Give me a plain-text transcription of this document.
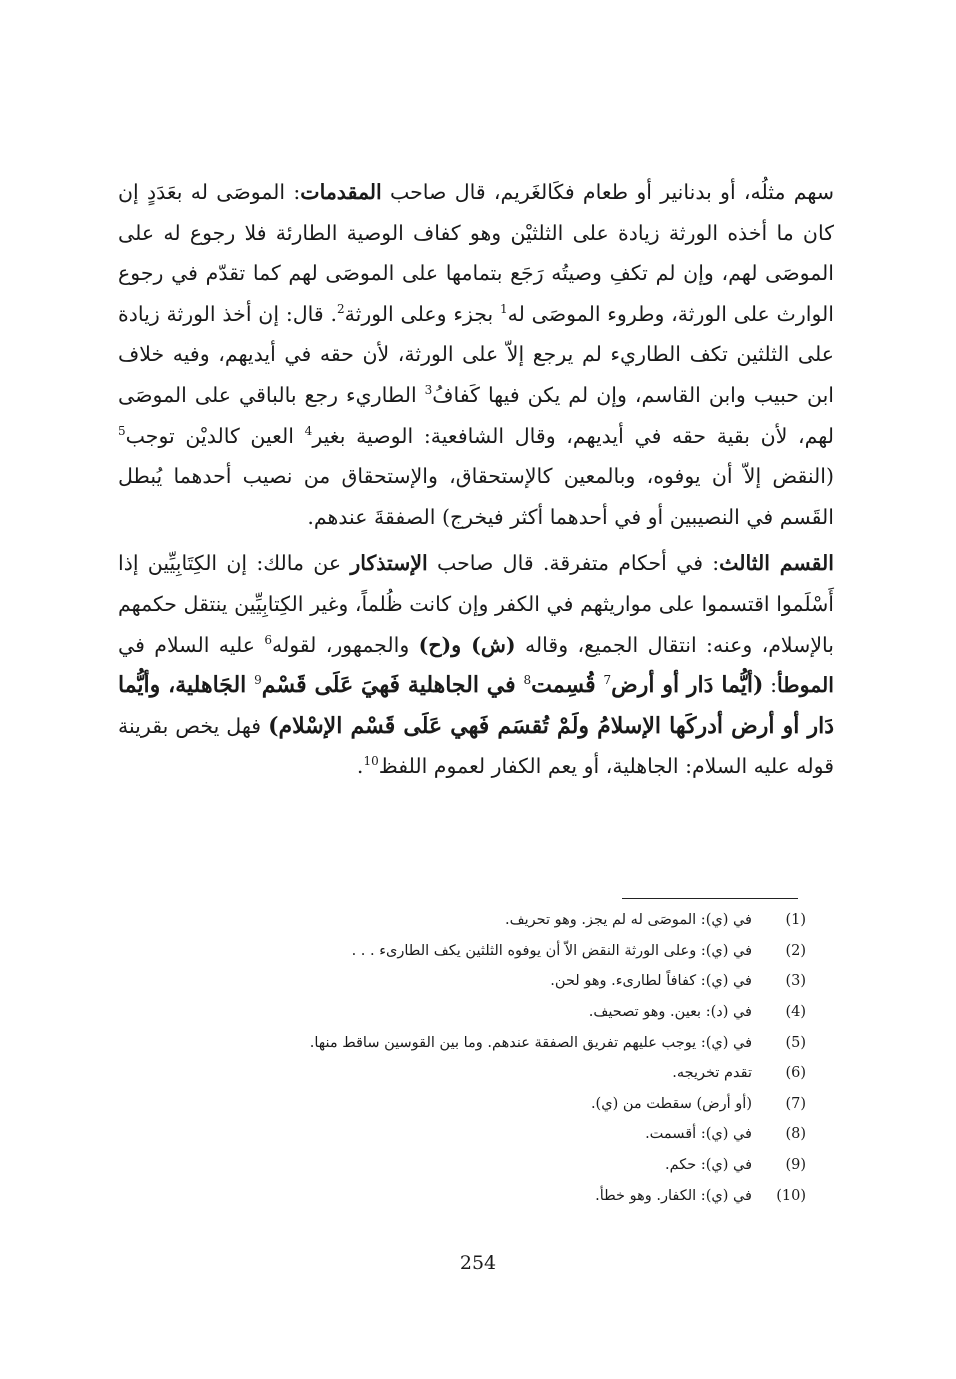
سهم مثلُه، أو بدنانير أو طعام فكَالغَريم، قال صاحب المقدمات: الموصَى له بعَدَدٍ إن كان ما أخذه الورثة زيادة على الثلثيْن وهو كفاف الوصية الطارئة فلا رجوع له على الموصَى لهم، وإن لم تكفِ وصيتُه رَجَع بتمامها على الموصَى لهم كما تقدّم في رجوع الوارث على الورثة، وطروء الموصَى له$^1$ بجزء وعلى الورثة$^2$. قال: إن أخذ الورثة زيادة على الثلثين تكف الطاريء لم يرجع إلاّ على الورثة، لأن حقه في أيديهم، وفيه خلاف ابن حبيب وابن القاسم، وإن لم يكن فيها كَفافُ$^3$ الطاريء رجع بالباقي على الموصَى لهم، لأن بقية حقه في أيديهم، وقال الشافعية: الوصية بغير$^4$ العين كالديْن توجب$^5$ (النقض إلاّ أن يوفوه، وبالمعين كالإستحقاق، والإستحقاق من نصيب أحدهما يُبطل القَسم في النصيبين أو في أحدهما أكثر فيخرج) الصفقةَ عندهم.

القسم الثالث: في أحكام متفرقة. قال صاحب الإستذكار عن مالك: إن الكِتَابِيِّين إذا أَسْلَموا اقتسموا على مواريثهم في الكفر وإن كانت ظُلماً، وغير الكِتابِيِّين ينتقل حكمهم بالإسلام، وعنه: انتقال الجميع، وقاله (ش) و(ح) والجمهور، لقوله$^6$ عليه السلام في الموطأ: (أيُّما دَار أو أرض$^7$ قُسِمت$^8$ في الجاهلية فَهيَ عَلَى قَسْم$^9$ الجَاهلية، وأيُّما دَار أو أرض أدركَها الإسلامُ ولَمْ تُقسَم فَهي عَلَى قَسْم الإسْلام) فهل يخص بقرينة قوله عليه السلام: الجاهلية، أو يعم الكفار لعموم اللفظ$^{10}$.

(1)
في (ي): الموصَى له لم يجز. وهو تحريف.
(2)
في (ي): وعلى الورثة النقض الاّ أن يوفوه الثلثين يكف الطارىء . . .
(3)
في (ي): كفافاً لطارىء. وهو لحن.
(4)
في (د): بعين. وهو تصحيف.
(5)
في (ي): يوجب عليهم تفريق الصفقة عندهم. وما بين القوسين ساقط منها.
(6)
تقدم تخريجه.
(7)
(أو أرض) سقطت من (ي).
(8)
في (ي): أقسمت.
(9)
في (ي): حكم.
(10)
في (ي): الكفار. وهو خطأ.
254
